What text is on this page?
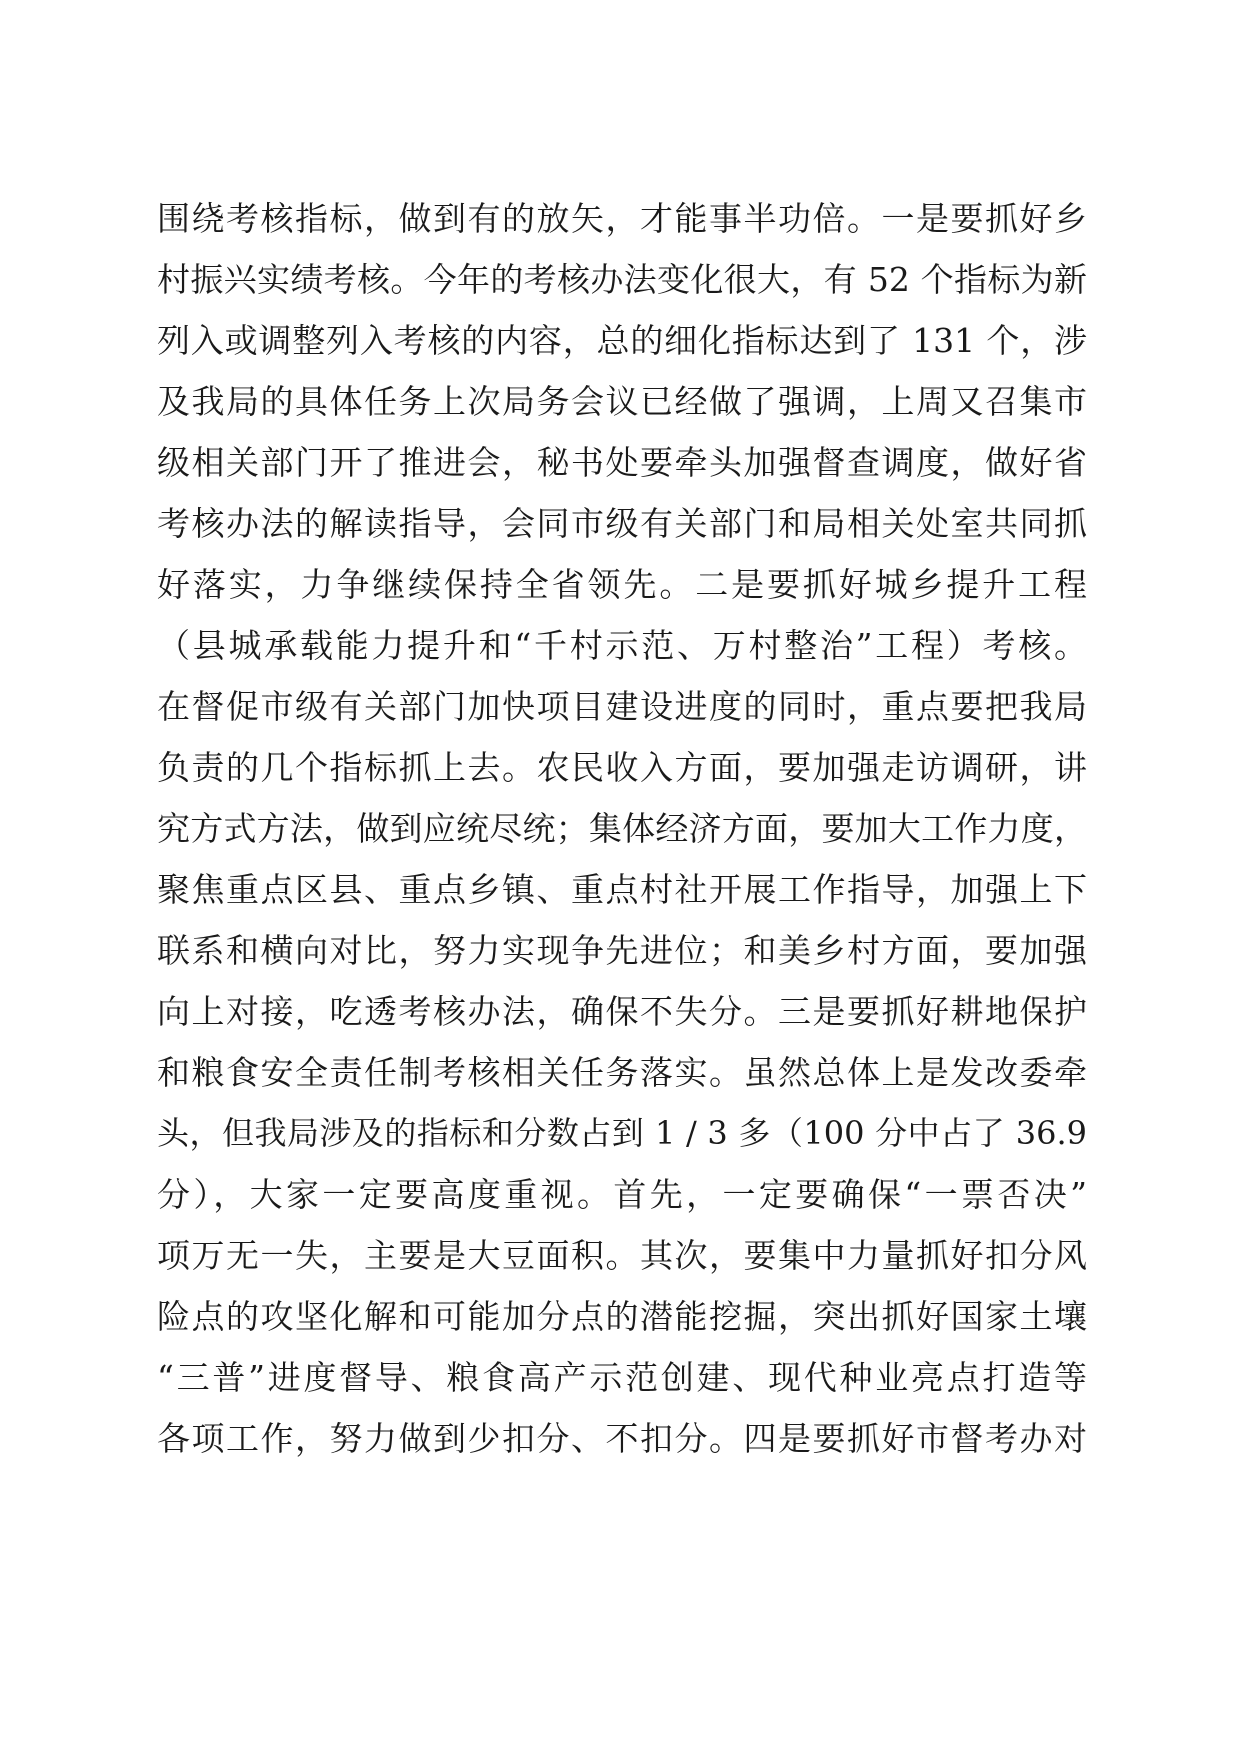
围绕考核指标，做到有的放矢，才能事半功倍。一是要抓好乡
村振兴实绩考核。今年的考核办法变化很大，有 52 个指标为新
列入或调整列入考核的内容，总的细化指标达到了 131 个，涉
及我局的具体任务上次局务会议已经做了强调，上周又召集市
级相关部门开了推进会，秘书处要牵头加强督查调度，做好省
考核办法的解读指导，会同市级有关部门和局相关处室共同抓
好落实，力争继续保持全省领先。二是要抓好城乡提升工程
（县城承载能力提升和“千村示范、万村整治”工程）考核。
在督促市级有关部门加快项目建设进度的同时，重点要把我局
负责的几个指标抓上去。农民收入方面，要加强走访调研，讲
究方式方法，做到应统尽统；集体经济方面，要加大工作力度，
聚焦重点区县、重点乡镇、重点村社开展工作指导，加强上下
联系和横向对比，努力实现争先进位；和美乡村方面，要加强
向上对接，吃透考核办法，确保不失分。三是要抓好耕地保护
和粮食安全责任制考核相关任务落实。虽然总体上是发改委牵
头，但我局涉及的指标和分数占到 1 / 3 多（100 分中占了 36.9
分），大家一定要高度重视。首先，一定要确保“一票否决”
项万无一失，主要是大豆面积。其次，要集中力量抓好扣分风
险点的攻坚化解和可能加分点的潜能挖掘，突出抓好国家土壤
“三普”进度督导、粮食高产示范创建、现代种业亮点打造等
各项工作，努力做到少扣分、不扣分。四是要抓好市督考办对
